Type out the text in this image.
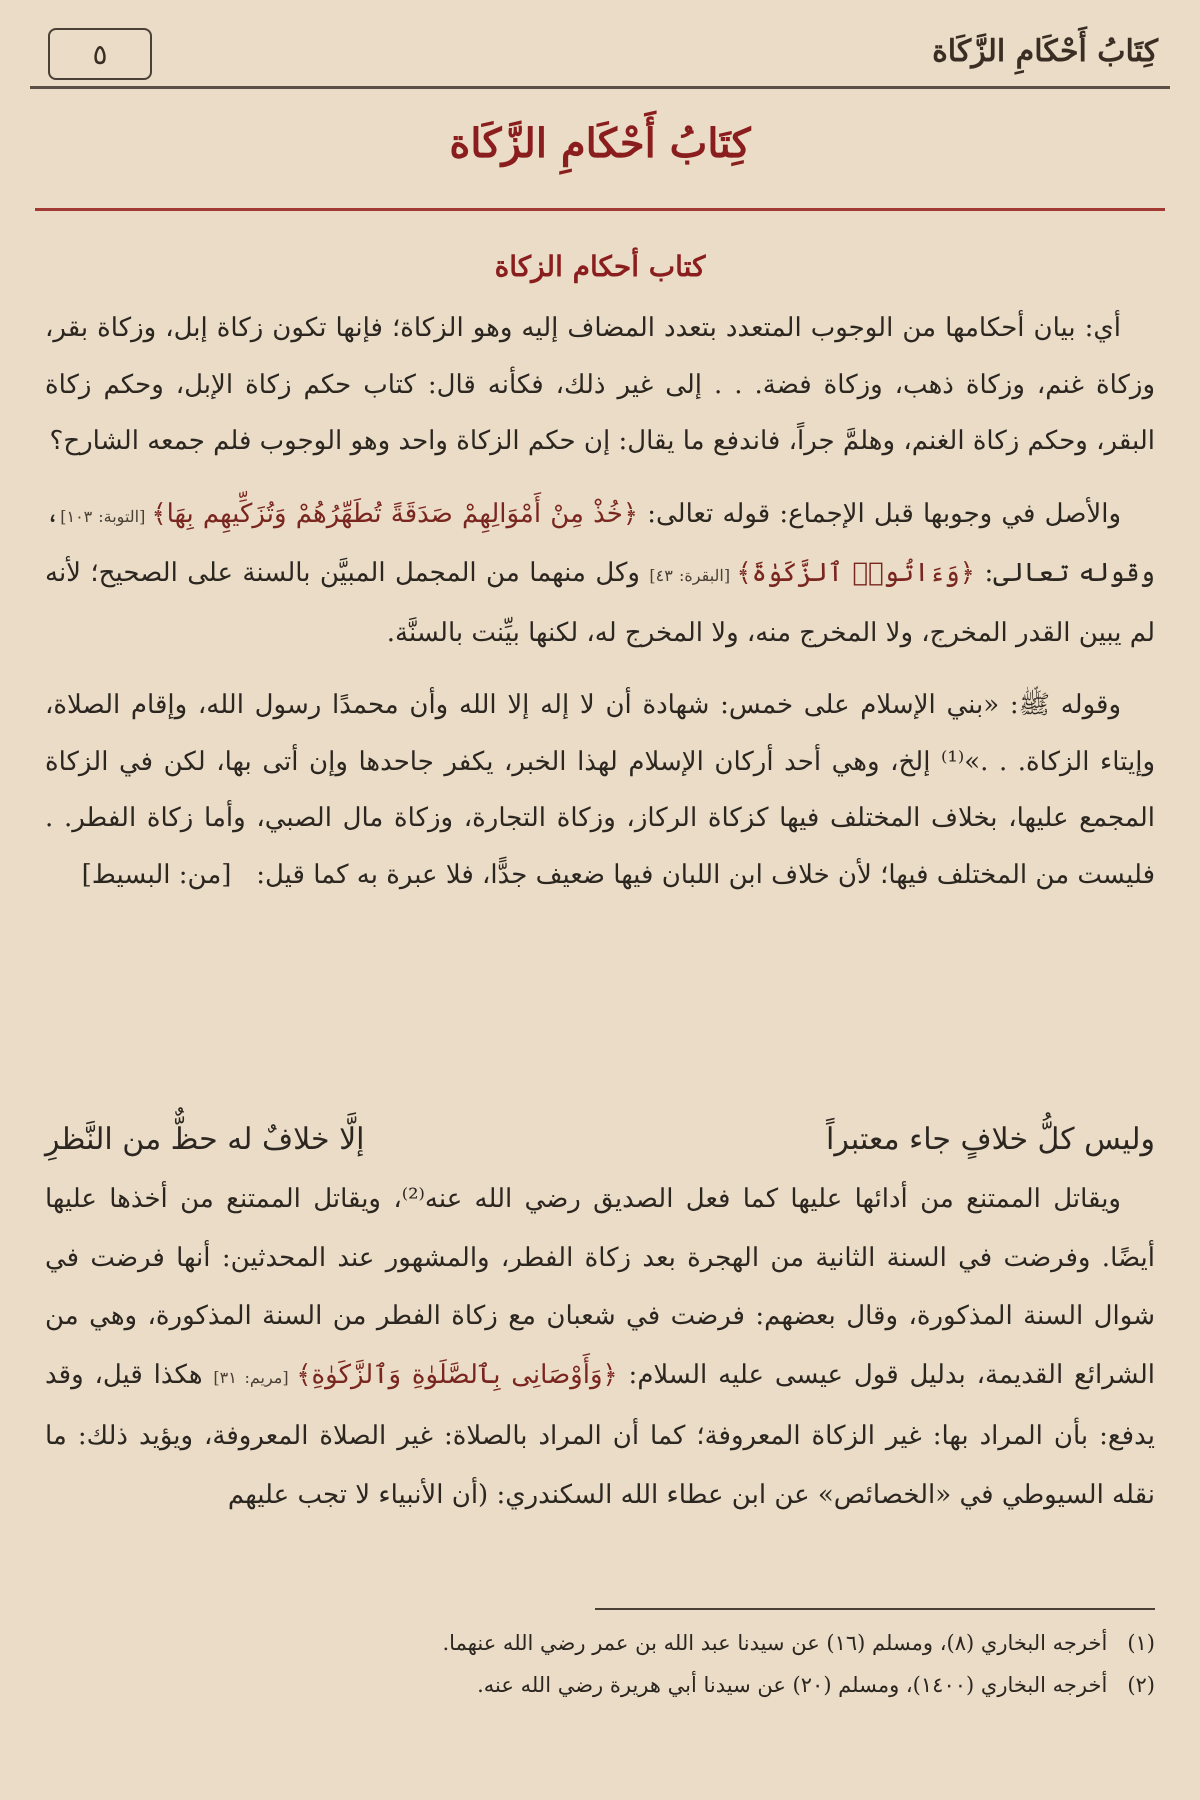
كِتَابُ أَحْكَامِ الزَّكَاة
٥
كِتَابُ أَحْكَامِ الزَّكَاة
كتاب أحكام الزكاة

أي: بيان أحكامها من الوجوب المتعدد بتعدد المضاف إليه وهو الزكاة؛ فإنها تكون زكاة إبل، وزكاة بقر، وزكاة غنم، وزكاة ذهب، وزكاة فضة. . . إلى غير ذلك، فكأنه قال: كتاب حكم زكاة الإبل، وحكم زكاة البقر، وحكم زكاة الغنم، وهلمَّ جراً، فاندفع ما يقال: إن حكم الزكاة واحد وهو الوجوب فلم جمعه الشارح؟

والأصل في وجوبها قبل الإجماع: قوله تعالى: ﴿خُذْ مِنْ أَمْوَالِهِمْ صَدَقَةً تُطَهِّرُهُمْ وَتُزَكِّيهِم بِهَا﴾ [التوبة: ١٠٣]، وقوله تعالى: ﴿وَءَاتُوا۟ ٱلزَّكَوٰةَ﴾ [البقرة: ٤٣] وكل منهما من المجمل المبيَّن بالسنة على الصحيح؛ لأنه لم يبين القدر المخرج، ولا المخرج منه، ولا المخرج له، لكنها بيِّنت بالسنَّة.

وقوله ﷺ: «بني الإسلام على خمس: شهادة أن لا إله إلا الله وأن محمدًا رسول الله، وإقام الصلاة، وإيتاء الزكاة. . .»⁽¹⁾ إلخ، وهي أحد أركان الإسلام لهذا الخبر، يكفر جاحدها وإن أتى بها، لكن في الزكاة المجمع عليها، بخلاف المختلف فيها كزكاة الركاز، وزكاة التجارة، وزكاة مال الصبي، وأما زكاة الفطر. . فليست من المختلف فيها؛ لأن خلاف ابن اللبان فيها ضعيف جدًّا، فلا عبرة به كما قيل:   [من: البسيط]

وليس كلُّ خلافٍ جاء معتبراً
إلَّا خلافٌ له حظٌّ من النَّظرِ

ويقاتل الممتنع من أدائها عليها كما فعل الصديق رضي الله عنه⁽²⁾، ويقاتل الممتنع من أخذها عليها أيضًا. وفرضت في السنة الثانية من الهجرة بعد زكاة الفطر، والمشهور عند المحدثين: أنها فرضت في شوال السنة المذكورة، وقال بعضهم: فرضت في شعبان مع زكاة الفطر من السنة المذكورة، وهي من الشرائع القديمة، بدليل قول عيسى عليه السلام: ﴿وَأَوْصَانِى بِٱلصَّلَوٰةِ وَٱلزَّكَوٰةِ﴾ [مريم: ٣١] هكذا قيل، وقد يدفع: بأن المراد بها: غير الزكاة المعروفة؛ كما أن المراد بالصلاة: غير الصلاة المعروفة، ويؤيد ذلك: ما نقله السيوطي في «الخصائص» عن ابن عطاء الله السكندري: (أن الأنبياء لا تجب عليهم

(١)
أخرجه البخاري (٨)، ومسلم (١٦) عن سيدنا عبد الله بن عمر رضي الله عنهما.
(٢)
أخرجه البخاري (١٤٠٠)، ومسلم (٢٠) عن سيدنا أبي هريرة رضي الله عنه.
